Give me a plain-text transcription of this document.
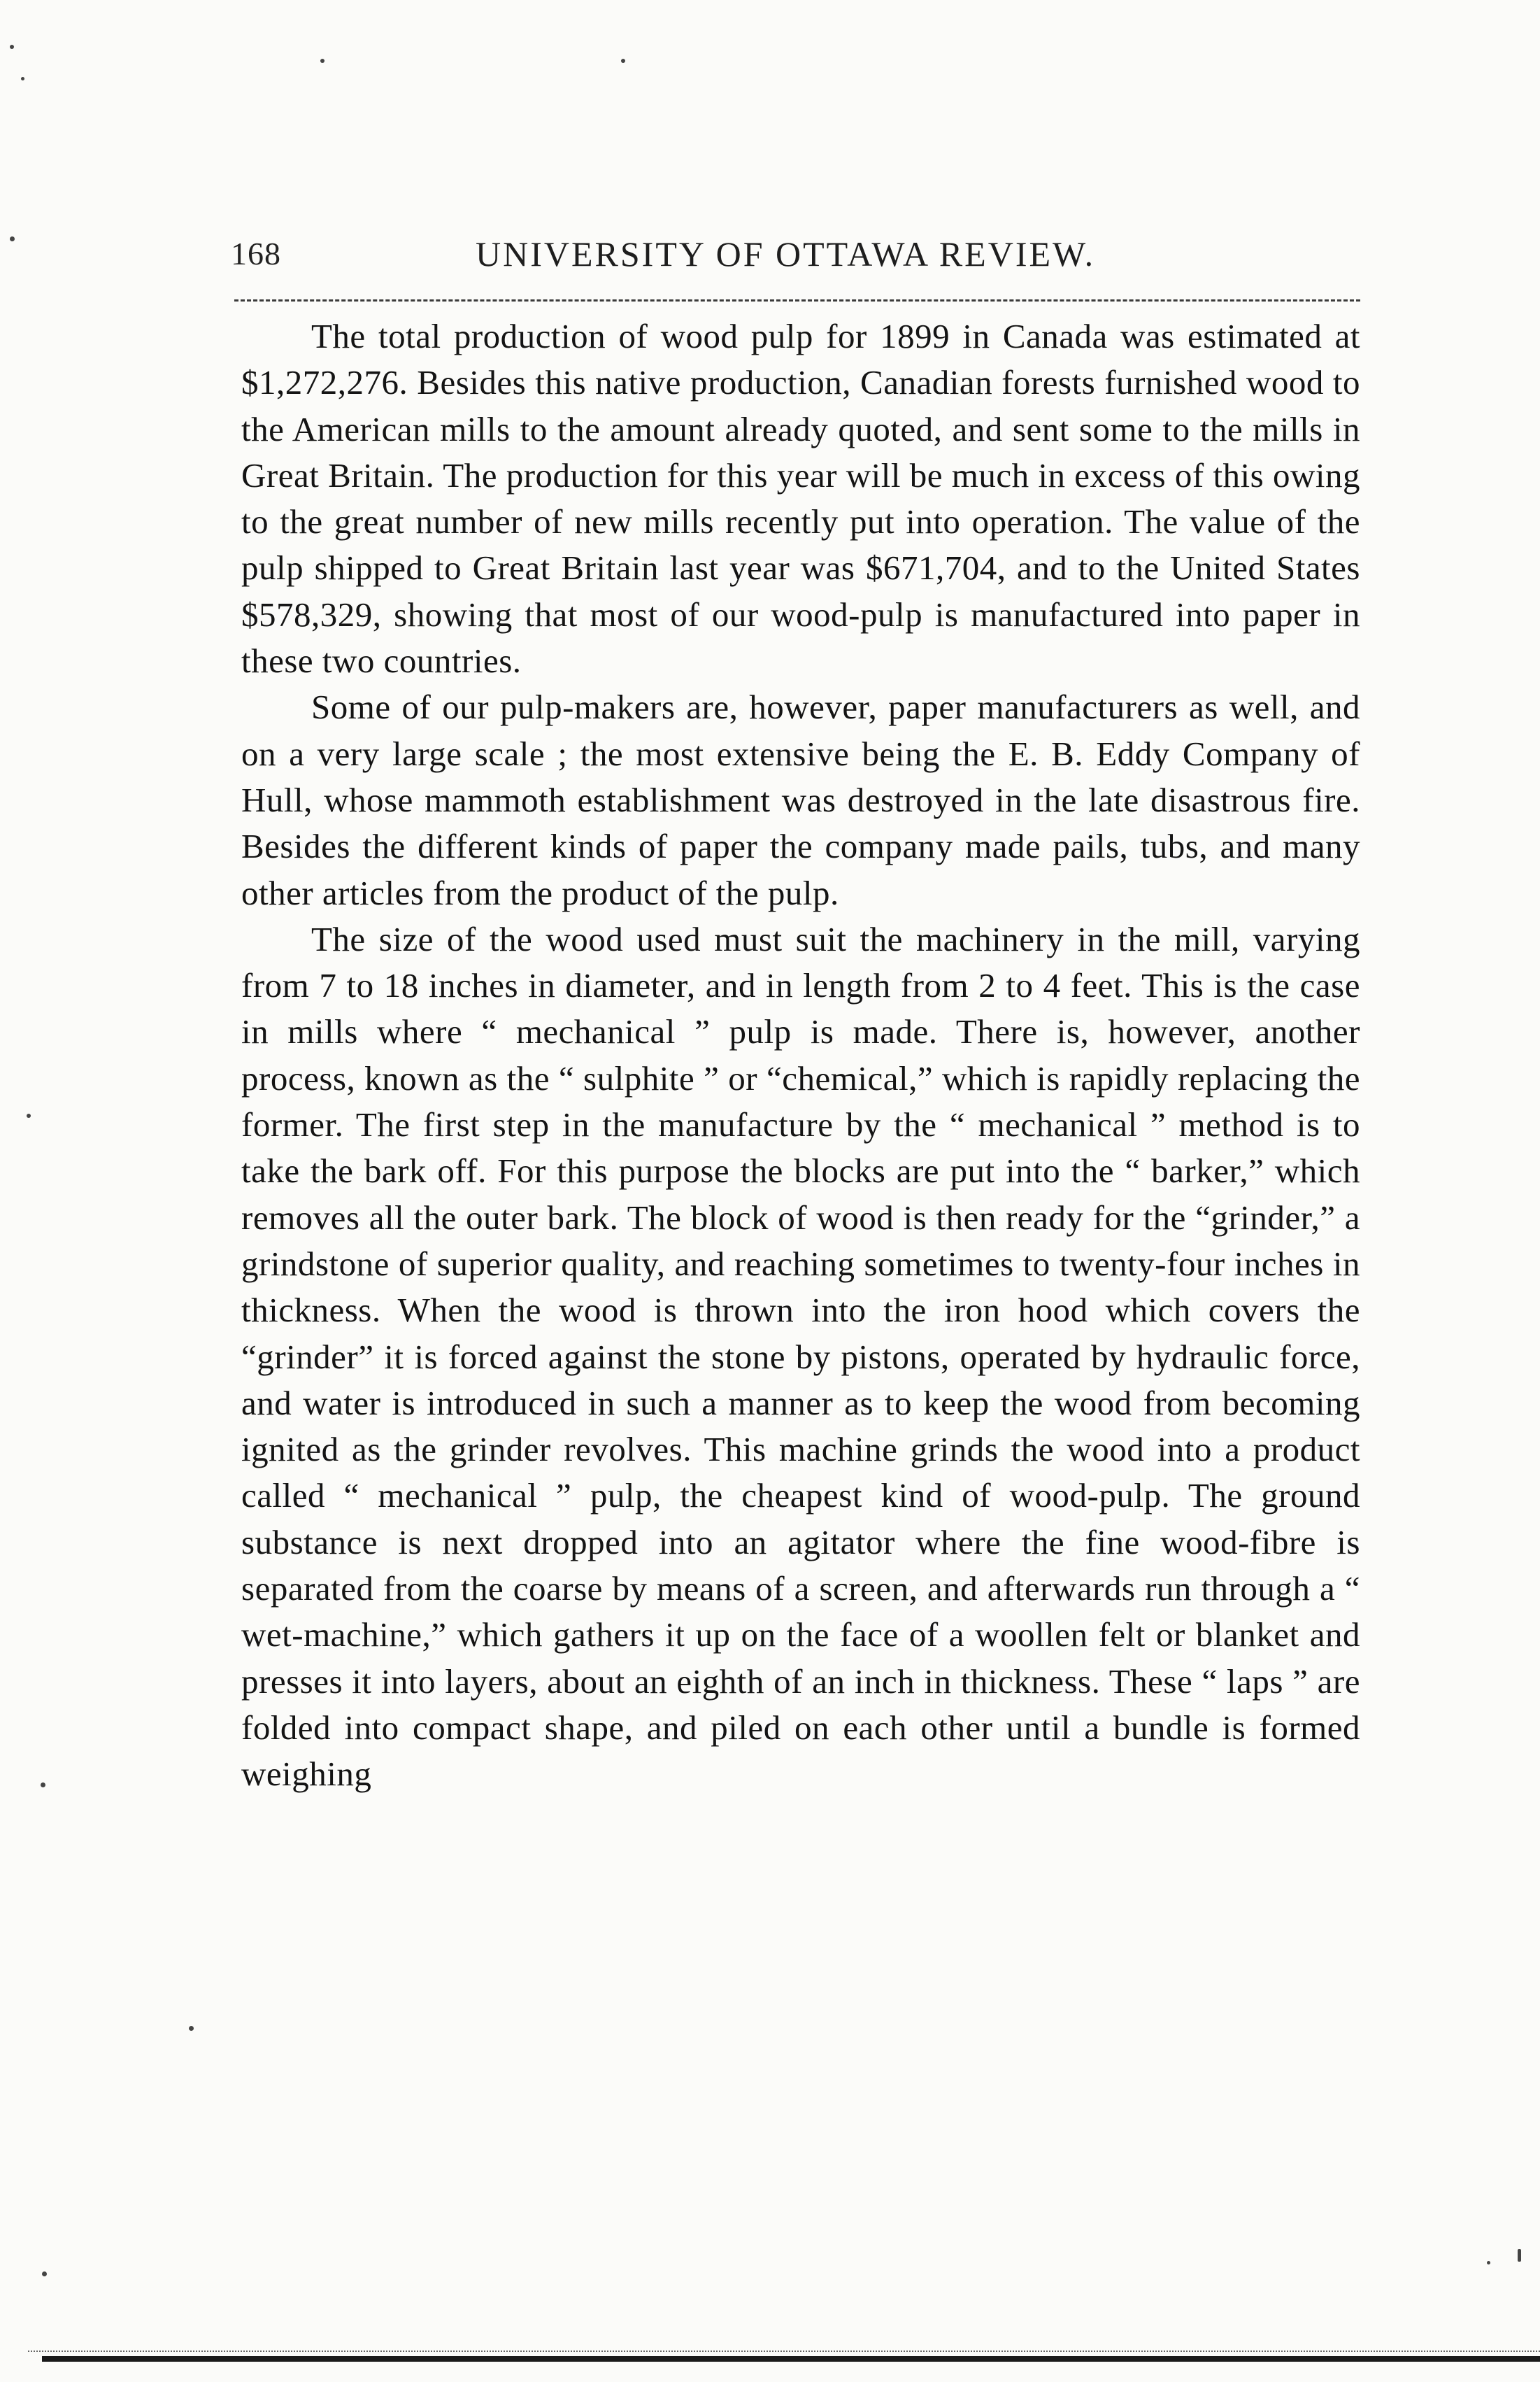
168	UNIVERSITY OF OTTAWA REVIEW.

The total production of wood pulp for 1899 in Canada was estimated at $1,272,276. Besides this native production, Canadian forests furnished wood to the American mills to the amount already quoted, and sent some to the mills in Great Britain. The production for this year will be much in excess of this owing to the great number of new mills recently put into operation. The value of the pulp shipped to Great Britain last year was $671,704, and to the United States $578,329, showing that most of our wood-pulp is manufactured into paper in these two countries.

Some of our pulp-makers are, however, paper manufacturers as well, and on a very large scale ; the most extensive being the E. B. Eddy Company of Hull, whose mammoth establishment was destroyed in the late disastrous fire. Besides the different kinds of paper the company made pails, tubs, and many other articles from the product of the pulp.

The size of the wood used must suit the machinery in the mill, varying from 7 to 18 inches in diameter, and in length from 2 to 4 feet. This is the case in mills where “ mechanical ” pulp is made. There is, however, another process, known as the “ sulphite ” or “chemical,” which is rapidly replacing the former. The first step in the manufacture by the “ mechanical ” method is to take the bark off. For this purpose the blocks are put into the “ barker,” which removes all the outer bark. The block of wood is then ready for the “grinder,” a grindstone of superior quality, and reaching sometimes to twenty-four inches in thickness. When the wood is thrown into the iron hood which covers the “grinder” it is forced against the stone by pistons, operated by hydraulic force, and water is introduced in such a manner as to keep the wood from becoming ignited as the grinder revolves. This machine grinds the wood into a product called “ mechanical ” pulp, the cheapest kind of wood-pulp. The ground substance is next dropped into an agitator where the fine wood-fibre is separated from the coarse by means of a screen, and afterwards run through a “ wet-machine,” which gathers it up on the face of a woollen felt or blanket and presses it into layers, about an eighth of an inch in thickness. These “ laps ” are folded into compact shape, and piled on each other until a bundle is formed weighing
